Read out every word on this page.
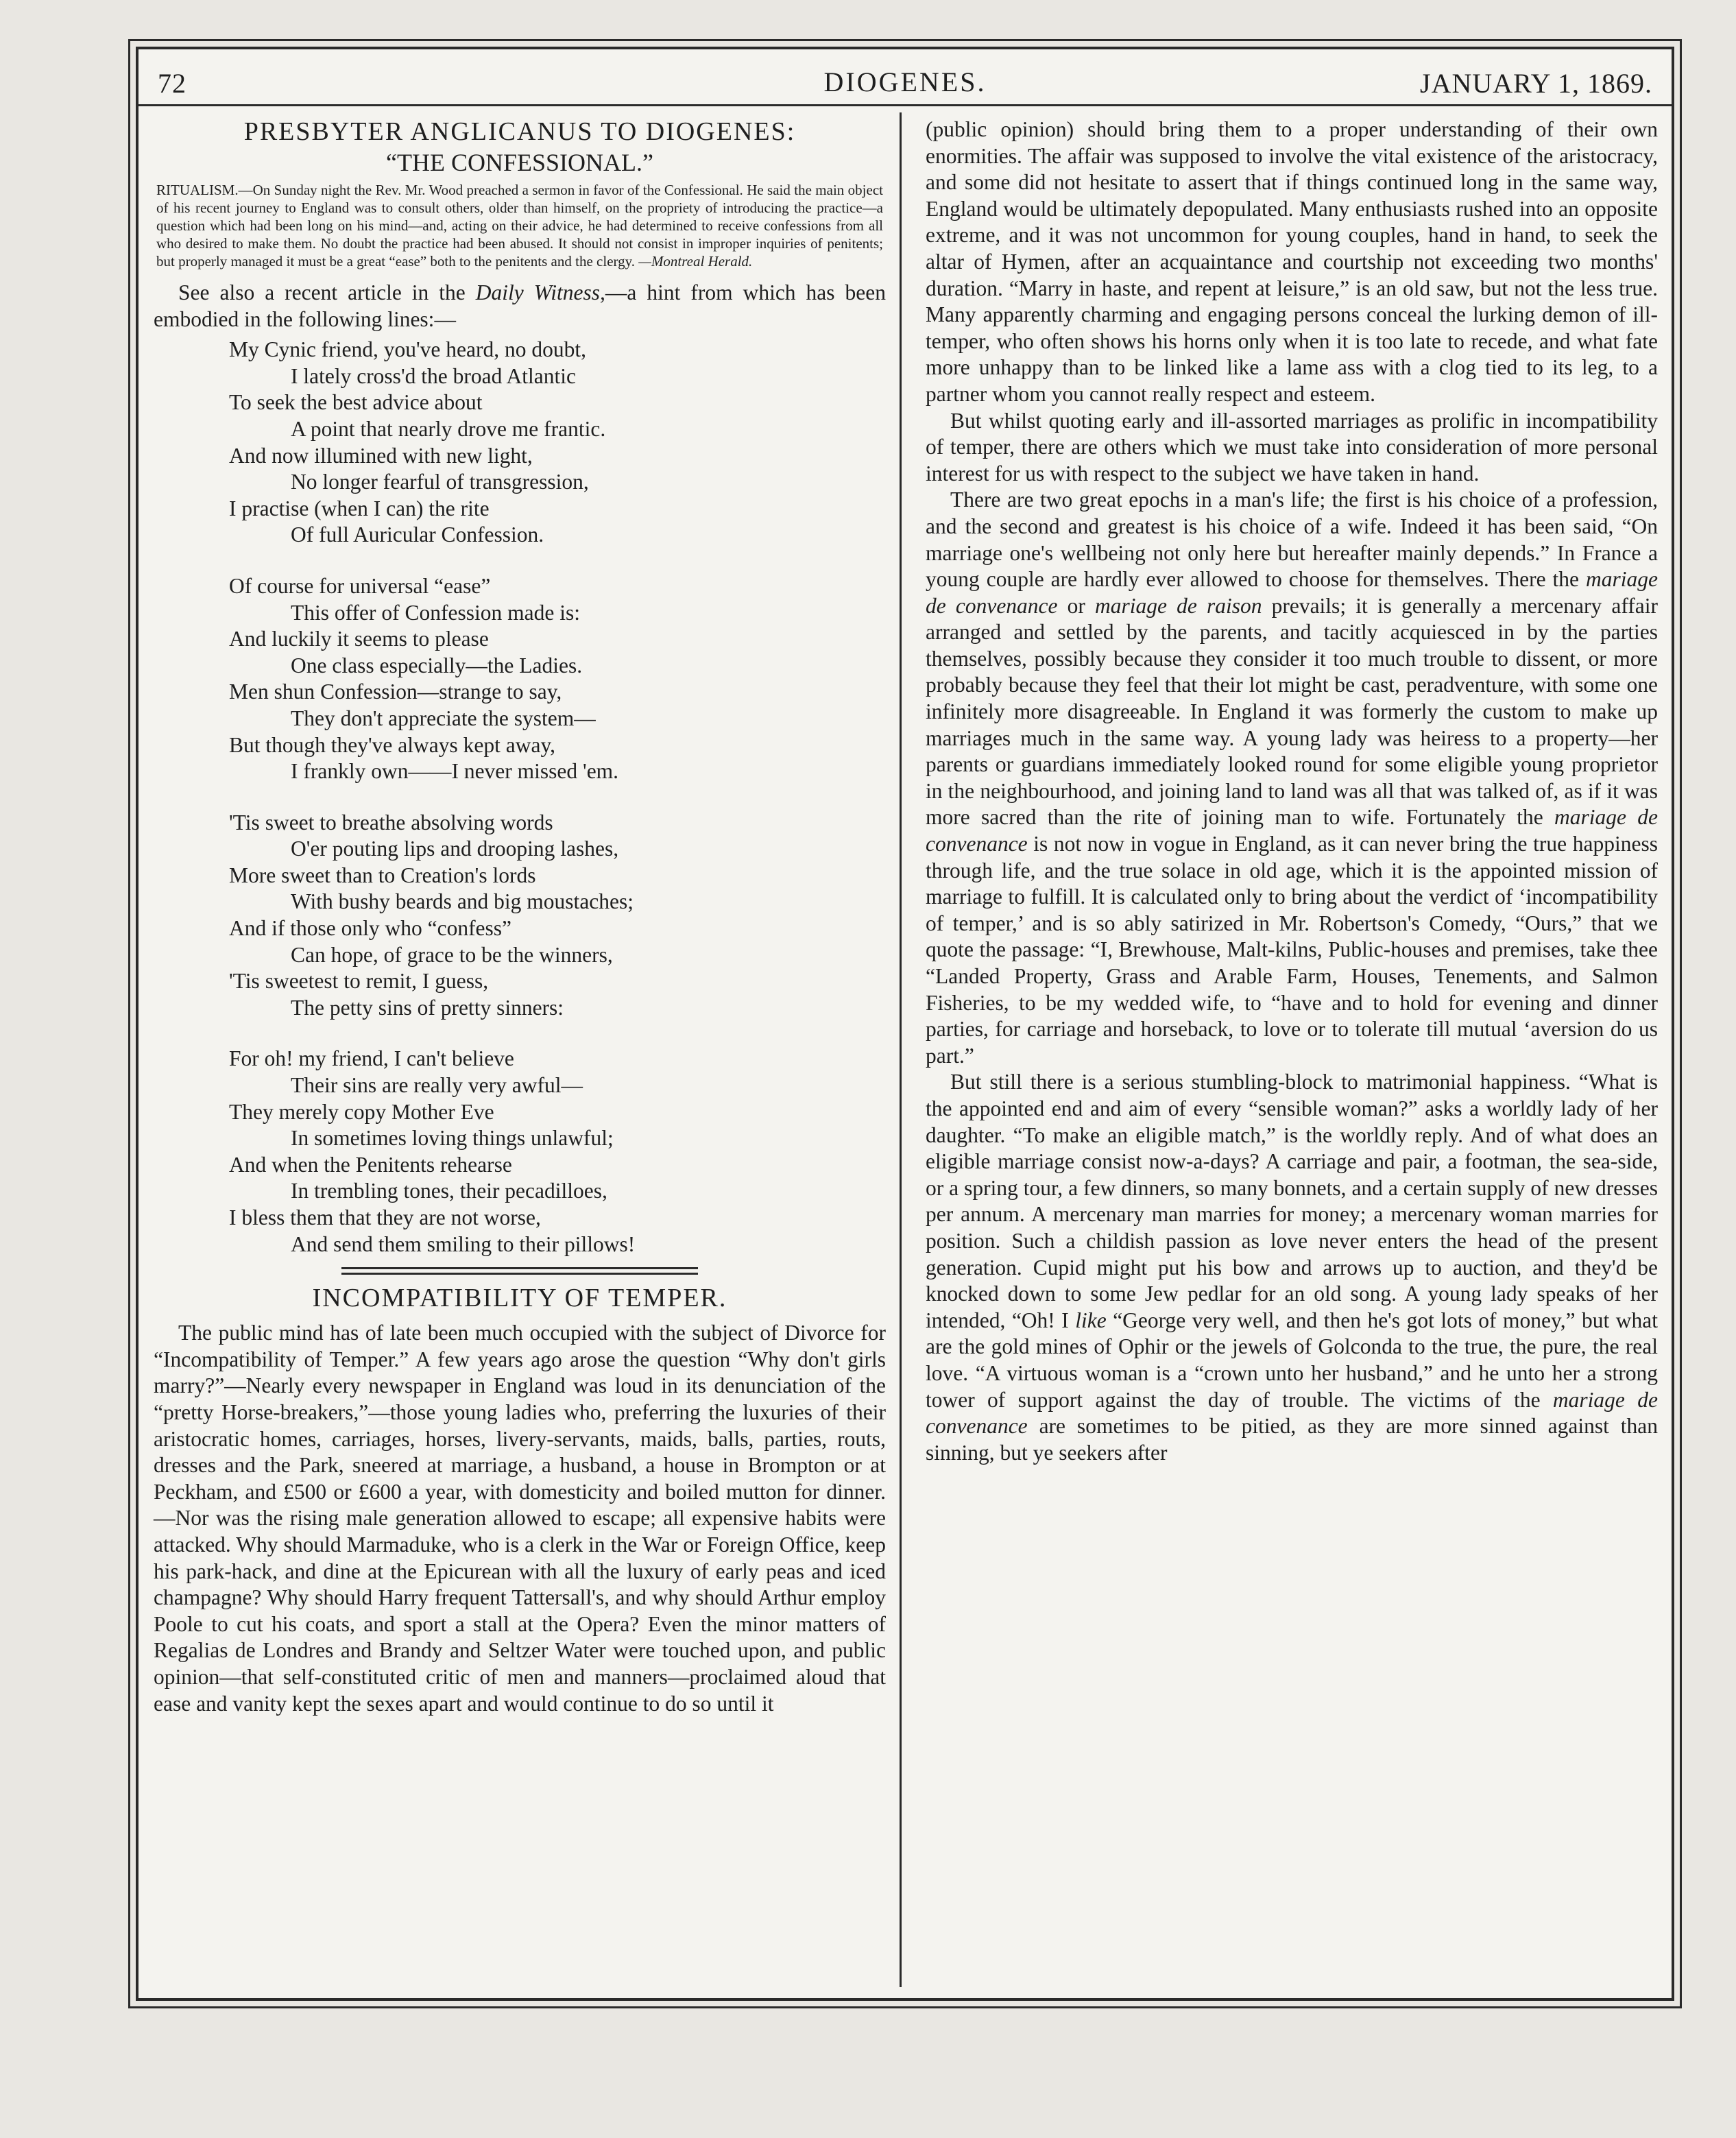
72	DIOGENES.	JANUARY 1, 1869.
PRESBYTER ANGLICANUS TO DIOGENES:
“THE CONFESSIONAL.”
RITUALISM.—On Sunday night the Rev. Mr. Wood preached a sermon in favor of the Confessional. He said the main object of his recent journey to England was to consult others, older than himself, on the propriety of introducing the practice—a question which had been long on his mind—and, acting on their advice, he had determined to receive confessions from all who desired to make them. No doubt the practice had been abused. It should not consist in improper inquiries of penitents; but properly managed it must be a great “ease” both to the penitents and the clergy. —Montreal Herald.

See also a recent article in the Daily Witness,—a hint from which has been embodied in the following lines:—

My Cynic friend, you've heard, no doubt,
I lately cross'd the broad Atlantic
To seek the best advice about
A point that nearly drove me frantic.
And now illumined with new light,
No longer fearful of transgression,
I practise (when I can) the rite
Of full Auricular Confession.
Of course for universal “ease”
This offer of Confession made is:
And luckily it seems to please
One class especially—the Ladies.
Men shun Confession—strange to say,
They don't appreciate the system—
But though they've always kept away,
I frankly own——I never missed 'em.
'Tis sweet to breathe absolving words
O'er pouting lips and drooping lashes,
More sweet than to Creation's lords
With bushy beards and big moustaches;
And if those only who “confess”
Can hope, of grace to be the winners,
'Tis sweetest to remit, I guess,
The petty sins of pretty sinners:
For oh! my friend, I can't believe
Their sins are really very awful—
They merely copy Mother Eve
In sometimes loving things unlawful;
And when the Penitents rehearse
In trembling tones, their pecadilloes,
I bless them that they are not worse,
And send them smiling to their pillows!
INCOMPATIBILITY OF TEMPER.

The public mind has of late been much occupied with the subject of Divorce for “Incompatibility of Temper.” A few years ago arose the question “Why don't girls marry?”—Nearly every newspaper in England was loud in its denunciation of the “pretty Horse-breakers,”—those young ladies who, preferring the luxuries of their aristocratic homes, carriages, horses, livery-servants, maids, balls, parties, routs, dresses and the Park, sneered at marriage, a husband, a house in Brompton or at Peckham, and £500 or £600 a year, with domesticity and boiled mutton for dinner.—Nor was the rising male generation allowed to escape; all expensive habits were attacked. Why should Marmaduke, who is a clerk in the War or Foreign Office, keep his park-hack, and dine at the Epicurean with all the luxury of early peas and iced champagne? Why should Harry frequent Tattersall's, and why should Arthur employ Poole to cut his coats, and sport a stall at the Opera? Even the minor matters of Regalias de Londres and Brandy and Seltzer Water were touched upon, and public opinion—that self-constituted critic of men and manners—proclaimed aloud that ease and vanity kept the sexes apart and would continue to do so until it

(public opinion) should bring them to a proper understanding of their own enormities. The affair was supposed to involve the vital existence of the aristocracy, and some did not hesitate to assert that if things continued long in the same way, England would be ultimately depopulated. Many enthusiasts rushed into an opposite extreme, and it was not uncommon for young couples, hand in hand, to seek the altar of Hymen, after an acquaintance and courtship not exceeding two months' duration. “Marry in haste, and repent at leisure,” is an old saw, but not the less true. Many apparently charming and engaging persons conceal the lurking demon of ill-temper, who often shows his horns only when it is too late to recede, and what fate more unhappy than to be linked like a lame ass with a clog tied to its leg, to a partner whom you cannot really respect and esteem.

But whilst quoting early and ill-assorted marriages as prolific in incompatibility of temper, there are others which we must take into consideration of more personal interest for us with respect to the subject we have taken in hand.

There are two great epochs in a man's life; the first is his choice of a profession, and the second and greatest is his choice of a wife. Indeed it has been said, “On marriage one's wellbeing not only here but hereafter mainly depends.” In France a young couple are hardly ever allowed to choose for themselves. There the mariage de convenance or mariage de raison prevails; it is generally a mercenary affair arranged and settled by the parents, and tacitly acquiesced in by the parties themselves, possibly because they consider it too much trouble to dissent, or more probably because they feel that their lot might be cast, peradventure, with some one infinitely more disagreeable. In England it was formerly the custom to make up marriages much in the same way. A young lady was heiress to a property—her parents or guardians immediately looked round for some eligible young proprietor in the neighbourhood, and joining land to land was all that was talked of, as if it was more sacred than the rite of joining man to wife. Fortunately the mariage de convenance is not now in vogue in England, as it can never bring the true happiness through life, and the true solace in old age, which it is the appointed mission of marriage to fulfill. It is calculated only to bring about the verdict of ‘incompatibility of temper,’ and is so ably satirized in Mr. Robertson's Comedy, “Ours,” that we quote the passage: “I, Brewhouse, Malt-kilns, Public-houses and premises, take thee “Landed Property, Grass and Arable Farm, Houses, Tenements, and Salmon Fisheries, to be my wedded wife, to “have and to hold for evening and dinner parties, for carriage and horseback, to love or to tolerate till mutual ‘aversion do us part.”

But still there is a serious stumbling-block to matrimonial happiness. “What is the appointed end and aim of every “sensible woman?” asks a worldly lady of her daughter. “To make an eligible match,” is the worldly reply. And of what does an eligible marriage consist now-a-days? A carriage and pair, a footman, the sea-side, or a spring tour, a few dinners, so many bonnets, and a certain supply of new dresses per annum. A mercenary man marries for money; a mercenary woman marries for position. Such a childish passion as love never enters the head of the present generation. Cupid might put his bow and arrows up to auction, and they'd be knocked down to some Jew pedlar for an old song. A young lady speaks of her intended, “Oh! I like “George very well, and then he's got lots of money,” but what are the gold mines of Ophir or the jewels of Golconda to the true, the pure, the real love. “A virtuous woman is a “crown unto her husband,” and he unto her a strong tower of support against the day of trouble. The victims of the mariage de convenance are sometimes to be pitied, as they are more sinned against than sinning, but ye seekers after
